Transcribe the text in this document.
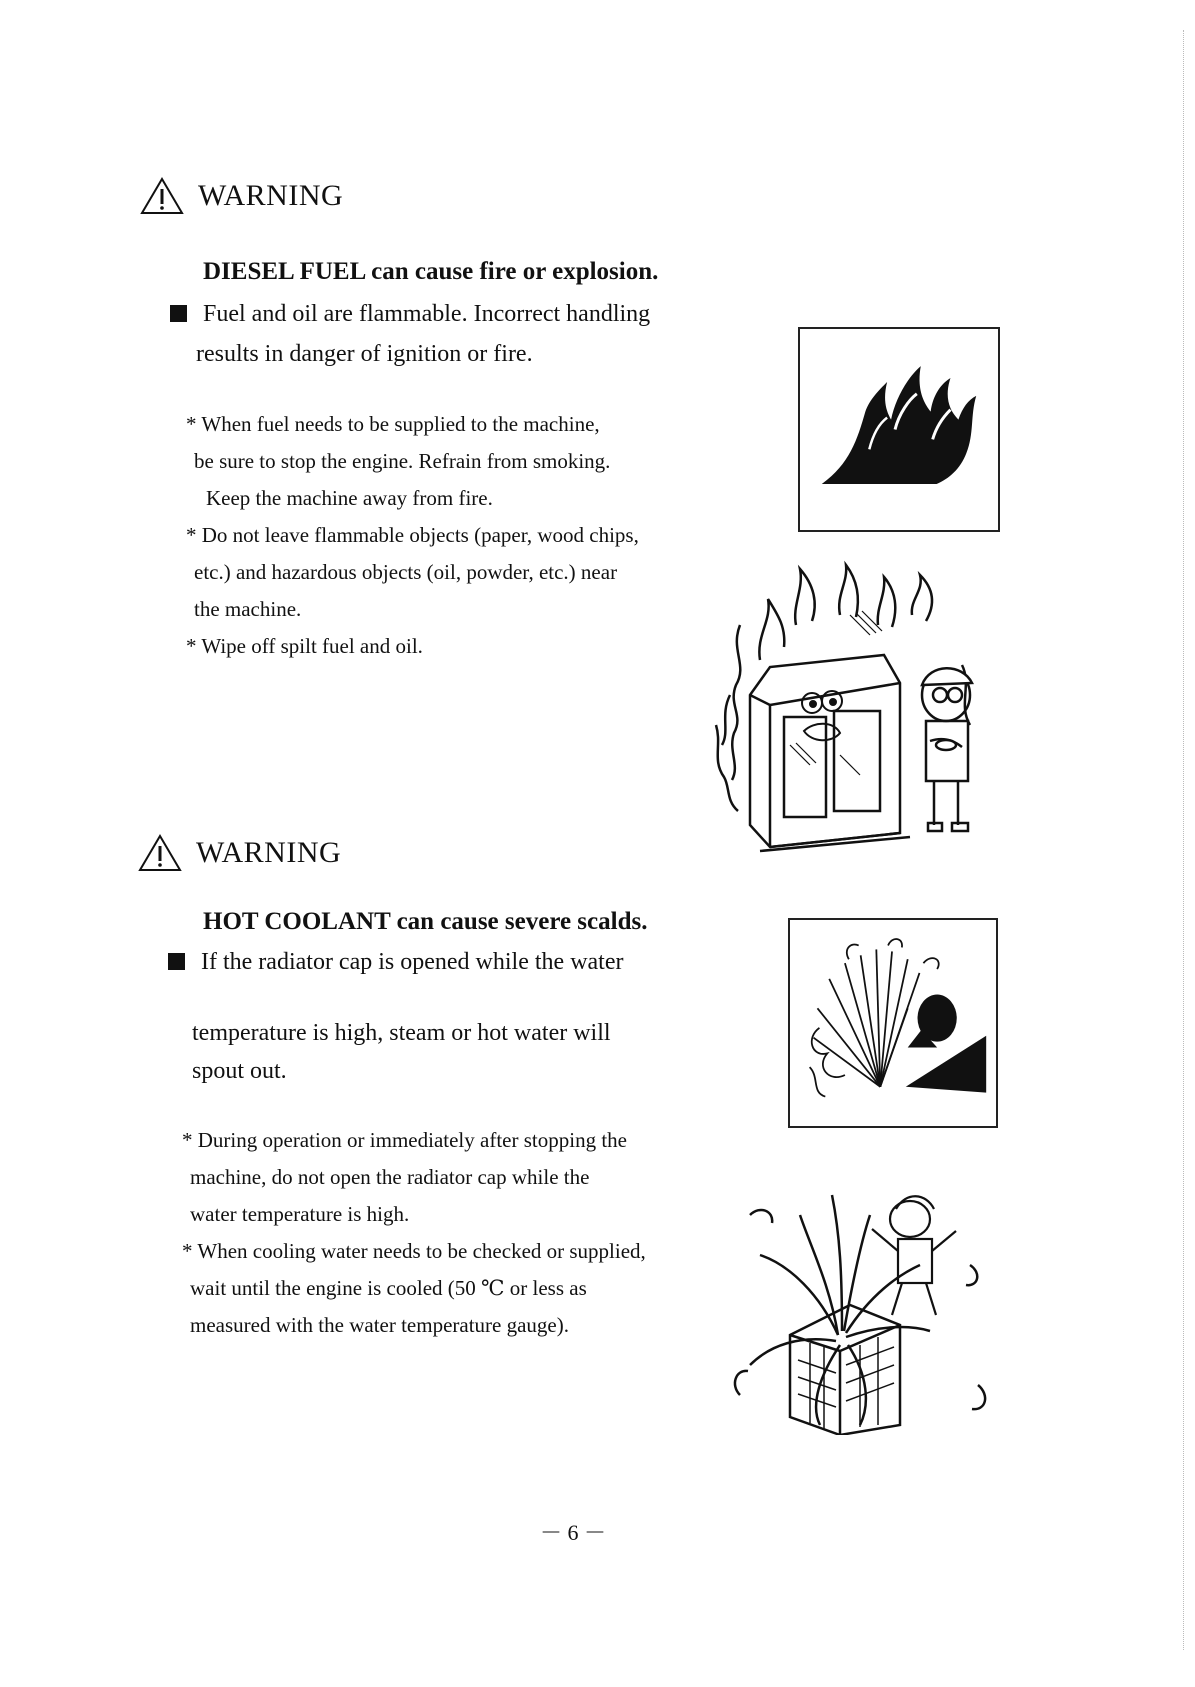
WARNING
DIESEL FUEL can cause fire or explosion.
Fuel and oil are flammable. Incorrect handling
results in danger of ignition or fire.
* When fuel needs to be supplied to the machine,
be sure to stop the engine. Refrain from smoking.
Keep the machine away from fire.
* Do not leave flammable objects (paper, wood chips,
etc.) and hazardous objects (oil, powder, etc.) near
the machine.
* Wipe off spilt fuel and oil.
WARNING
HOT COOLANT can cause severe scalds.
If the radiator cap is opened while the water
temperature is high, steam or hot water will
spout out.
* During operation or immediately after stopping the
machine, do not open the radiator cap while the
water temperature is high.
* When cooling water needs to be checked or supplied,
wait until the engine is cooled (50 ℃ or less as
measured with the water temperature gauge).
－ 6 －
